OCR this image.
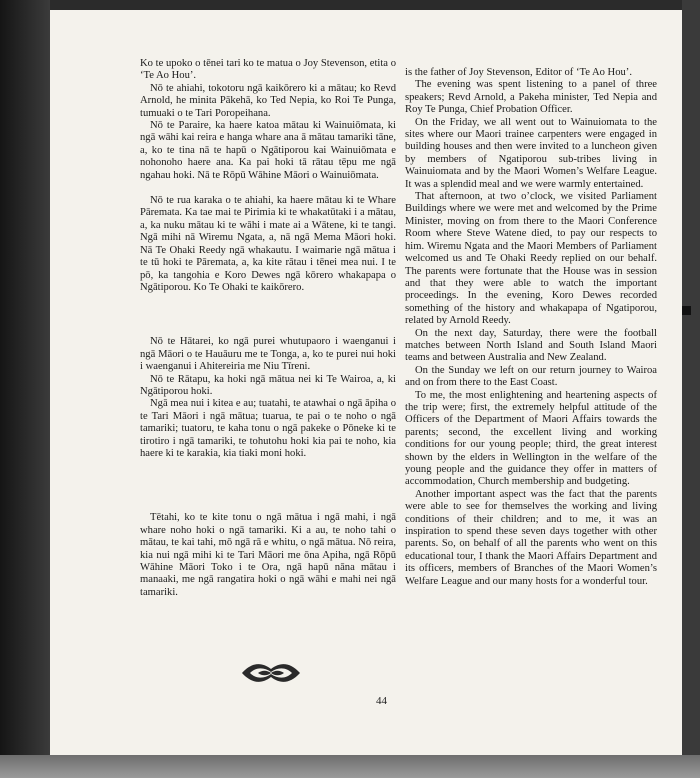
Ko te upoko o tēnei tari ko te matua o Joy Stevenson, etita o ‘Te Ao Hou’.

Nō te ahiahi, tokotoru ngā kaikōrero ki a mātau; ko Revd Arnold, he minita Pākehā, ko Ted Nepia, ko Roi Te Punga, tumuaki o te Tari Poropeihana.

Nō te Paraire, ka haere katoa mātau ki Wainuiōmata, ki ngā wāhi kai reira e hanga whare ana ā mātau tamariki tāne, a, ko te tina nā te hapū o Ngātiporou kai Wainuiōmata e nohonoho haere ana. Ka pai hoki tā rātau tēpu me ngā ngahau hoki. Nā te Rōpū Wāhine Māori o Wainuiōmata.

Nō te rua karaka o te ahiahi, ka haere mātau ki te Whare Pāremata. Ka tae mai te Pirimia ki te whakatūtaki i a mātau, a, ka nuku mātau ki te wāhi i mate ai a Wātene, ki te tangi. Ngā mihi nā Wiremu Ngata, a, nā ngā Mema Māori hoki. Nā Te Ohaki Reedy ngā whakautu. I waimarie ngā mātua i te tū hoki te Pāremata, a, ka kite rātau i tēnei mea nui. I te pō, ka tangohia e Koro Dewes ngā kōrero whakapapa o Ngātiporou. Ko Te Ohaki te kaikōrero.

Nō te Hātarei, ko ngā purei whutupaoro i waenganui i ngā Māori o te Hauāuru me te Tonga, a, ko te purei nui hoki i waenganui i Ahitereiria me Niu Tīreni.

Nō te Rātapu, ka hoki ngā mātua nei ki Te Wairoa, a, ki Ngātiporou hoki.

Ngā mea nui i kitea e au; tuatahi, te atawhai o ngā āpiha o te Tari Māori i ngā mātua; tuarua, te pai o te noho o ngā tamariki; tuatoru, te kaha tonu o ngā pakeke o Pōneke ki te tirotiro i ngā tamariki, te tohutohu hoki kia pai te noho, kia haere ki te karakia, kia tiaki moni hoki.

Tētahi, ko te kite tonu o ngā mātua i ngā mahi, i ngā whare noho hoki o ngā tamariki. Ki a au, te noho tahi o mātau, te kai tahi, mō ngā rā e whitu, o ngā mātua. Nō reira, kia nui ngā mihi ki te Tari Māori me ōna Apiha, ngā Rōpū Wāhine Māori Toko i te Ora, ngā hapū nāna mātau i manaaki, me ngā rangatira hoki o ngā wāhi e mahi nei ngā tamariki.

is the father of Joy Stevenson, Editor of ‘Te Ao Hou’.

The evening was spent listening to a panel of three speakers; Revd Arnold, a Pakeha minister, Ted Nepia and Roy Te Punga, Chief Probation Officer.

On the Friday, we all went out to Wainuiomata to the sites where our Maori trainee carpenters were engaged in building houses and then were invited to a luncheon given by members of Ngatiporou sub-tribes living in Wainuiomata and by the Maori Women’s Welfare League. It was a splendid meal and we were warmly entertained.

That afternoon, at two o’clock, we visited Parliament Buildings where we were met and welcomed by the Prime Minister, moving on from there to the Maori Conference Room where Steve Watene died, to pay our respects to him. Wiremu Ngata and the Maori Members of Parliament welcomed us and Te Ohaki Reedy replied on our behalf. The parents were fortunate that the House was in session and that they were able to watch the important proceedings. In the evening, Koro Dewes recorded something of the history and whakapapa of Ngatiporou, related by Arnold Reedy.

On the next day, Saturday, there were the football matches between North Island and South Island Maori teams and between Australia and New Zealand.

On the Sunday we left on our return journey to Wairoa and on from there to the East Coast.

To me, the most enlightening and heartening aspects of the trip were; first, the extremely helpful attitude of the Officers of the Department of Maori Affairs towards the parents; second, the excellent living and working conditions for our young people; third, the great interest shown by the elders in Wellington in the welfare of the young people and the guidance they offer in matters of accommodation, Church membership and budgeting.

Another important aspect was the fact that the parents were able to see for themselves the working and living conditions of their children; and to me, it was an inspiration to spend these seven days together with other parents. So, on behalf of all the parents who went on this educational tour, I thank the Maori Affairs Department and its officers, members of Branches of the Maori Women’s Welfare League and our many hosts for a wonderful tour.

44
